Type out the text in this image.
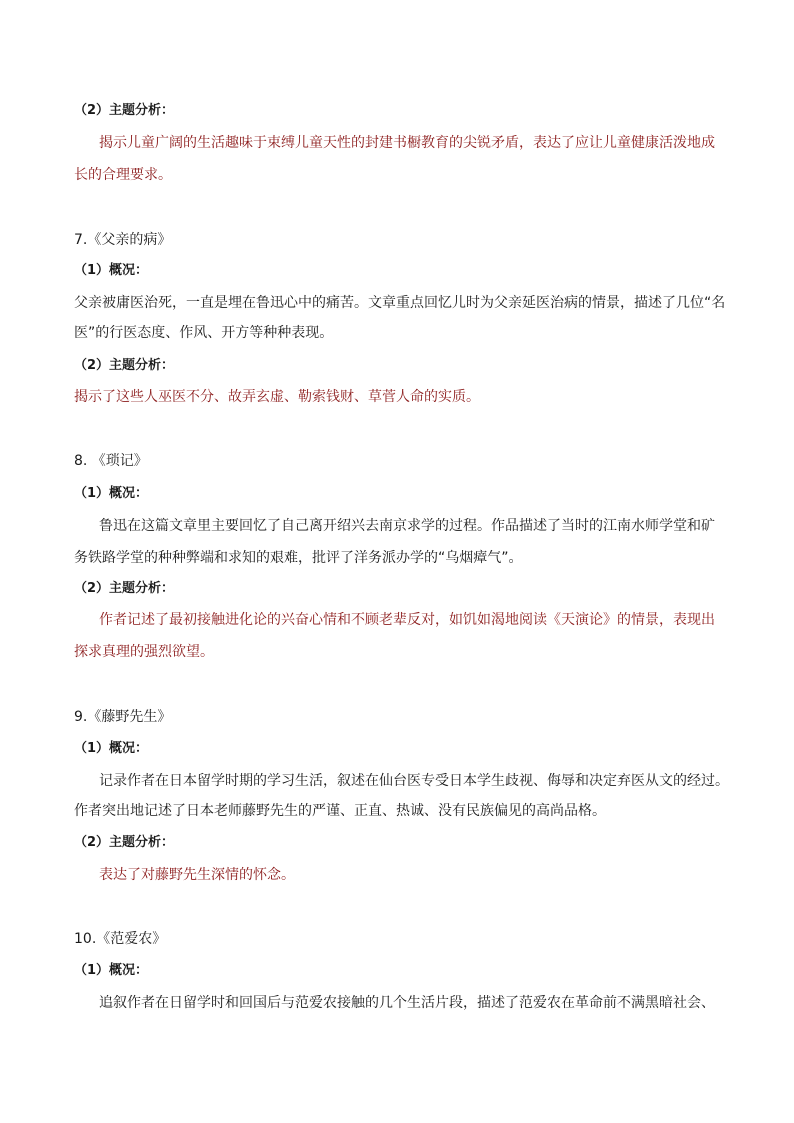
（2）主题分析：
揭示儿童广阔的生活趣味于束缚儿童天性的封建书橱教育的尖锐矛盾，表达了应让儿童健康活泼地成
长的合理要求。
7.《父亲的病》
（1）概况：
父亲被庸医治死，一直是埋在鲁迅心中的痛苦。文章重点回忆儿时为父亲延医治病的情景，描述了几位“名
医”的行医态度、作风、开方等种种表现。
（2）主题分析：
揭示了这些人巫医不分、故弄玄虚、勒索钱财、草菅人命的实质。
8. 《琐记》
（1）概况：
鲁迅在这篇文章里主要回忆了自己离开绍兴去南京求学的过程。作品描述了当时的江南水师学堂和矿
务铁路学堂的种种弊端和求知的艰难，批评了洋务派办学的“乌烟瘴气”。
（2）主题分析：
作者记述了最初接触进化论的兴奋心情和不顾老辈反对，如饥如渴地阅读《天演论》的情景，表现出
探求真理的强烈欲望。
9.《藤野先生》
（1）概况：
记录作者在日本留学时期的学习生活，叙述在仙台医专受日本学生歧视、侮辱和决定弃医从文的经过。
作者突出地记述了日本老师藤野先生的严谨、正直、热诚、没有民族偏见的高尚品格。
（2）主题分析：
表达了对藤野先生深情的怀念。
10.《范爱农》
（1）概况：
追叙作者在日留学时和回国后与范爱农接触的几个生活片段，描述了范爱农在革命前不满黑暗社会、
